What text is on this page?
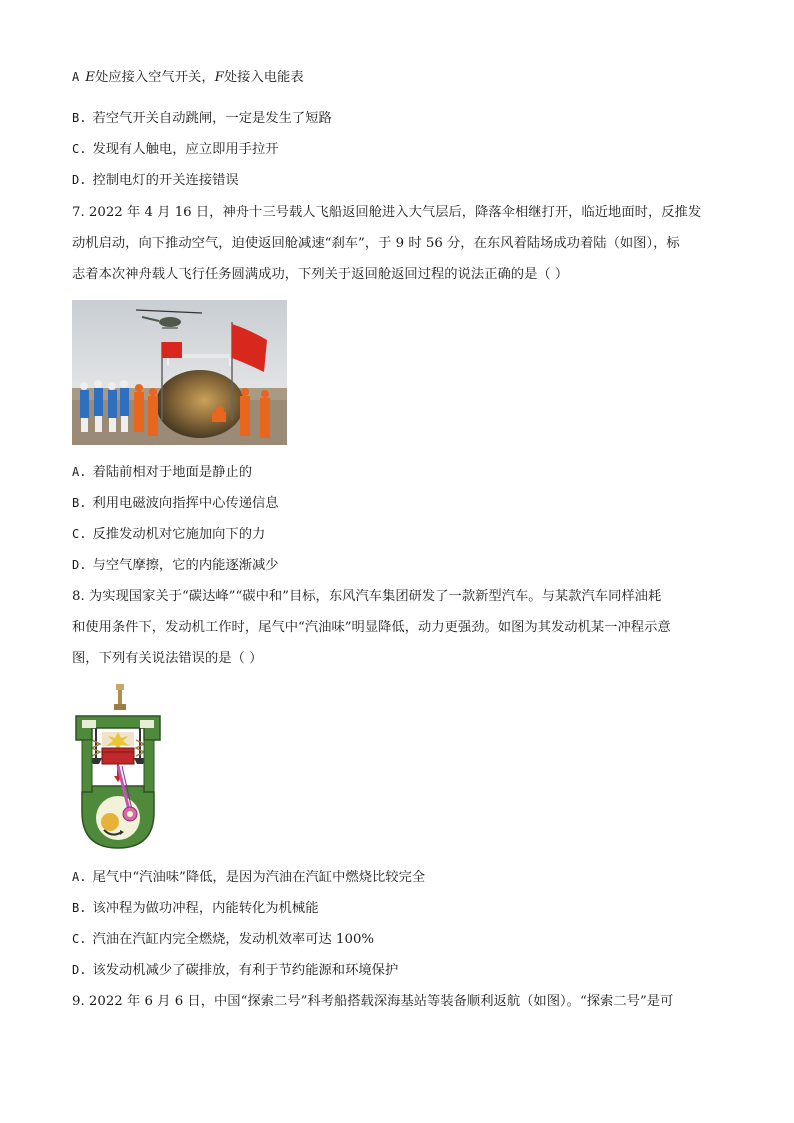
A E处应接入空气开关，F处接入电能表
B. 若空气开关自动跳闸，一定是发生了短路
C. 发现有人触电，应立即用手拉开
D. 控制电灯的开关连接错误
7. 2022 年 4 月 16 日，神舟十三号载人飞船返回舱进入大气层后，降落伞相继打开，临近地面时，反推发
动机启动，向下推动空气，迫使返回舱减速“刹车”，于 9 时 56 分，在东风着陆场成功着陆（如图），标
志着本次神舟载人飞行任务圆满成功，下列关于返回舱返回过程的说法正确的是（ ）
A. 着陆前相对于地面是静止的
B. 利用电磁波向指挥中心传递信息
C. 反推发动机对它施加向下的力
D. 与空气摩擦，它的内能逐渐减少
8. 为实现国家关于“碳达峰”“碳中和”目标，东风汽车集团研发了一款新型汽车。与某款汽车同样油耗
和使用条件下，发动机工作时，尾气中“汽油味”明显降低，动力更强劲。如图为其发动机某一冲程示意
图，下列有关说法错误的是（ ）
A. 尾气中“汽油味”降低，是因为汽油在汽缸中燃烧比较完全
B. 该冲程为做功冲程，内能转化为机械能
C. 汽油在汽缸内完全燃烧，发动机效率可达 100%
D. 该发动机减少了碳排放，有利于节约能源和环境保护
9. 2022 年 6 月 6 日，中国“探索二号”科考船搭载深海基站等装备顺利返航（如图）。“探索二号”是可
